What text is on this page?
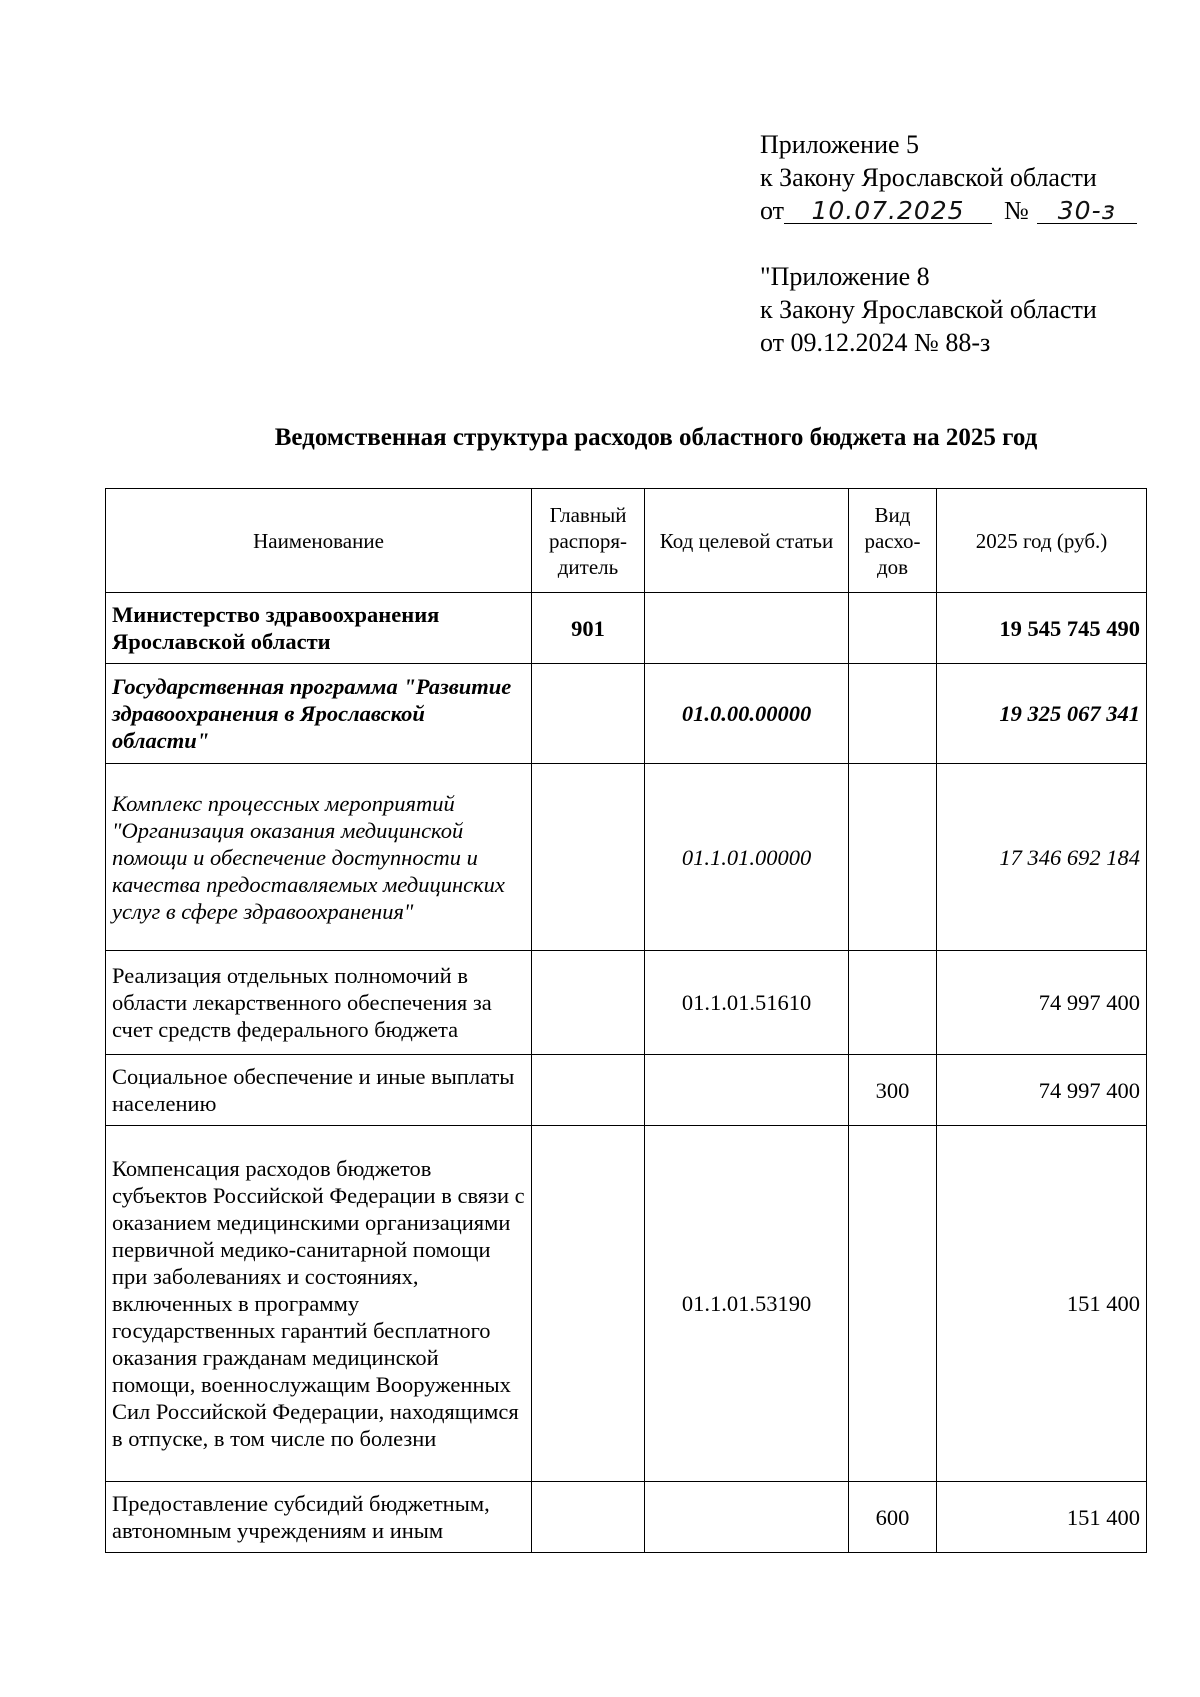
Приложение 5
к Закону Ярославской области
от	10.07.2025	№	30-з
"Приложение 8
к Закону Ярославской области
от 09.12.2024 № 88-з
Ведомственная структура расходов областного бюджета на 2025 год
Наименование	Главный распоря-дитель	Код целевой статьи	Вид расхо-дов	2025 год (руб.)
Министерство здравоохранения Ярославской области	901			19 545 745 490
Государственная программа "Развитие здравоохранения в Ярославской области"		01.0.00.00000		19 325 067 341
Комплекс процессных мероприятий "Организация оказания медицинской помощи и обеспечение доступности и качества предоставляемых медицинских услуг в сфере здравоохранения"		01.1.01.00000		17 346 692 184
Реализация отдельных полномочий в области лекарственного обеспечения за счет средств федерального бюджета		01.1.01.51610		74 997 400
Социальное обеспечение и иные выплаты населению			300	74 997 400
Компенсация расходов бюджетов субъектов Российской Федерации в связи с оказанием медицинскими организациями первичной медико-санитарной помощи при заболеваниях и состояниях, включенных в программу государственных гарантий бесплатного оказания гражданам медицинской помощи, военнослужащим Вооруженных Сил Российской Федерации, находящимся в отпуске, в том числе по болезни		01.1.01.53190		151 400
Предоставление субсидий бюджетным, автономным учреждениям и иным			600	151 400
